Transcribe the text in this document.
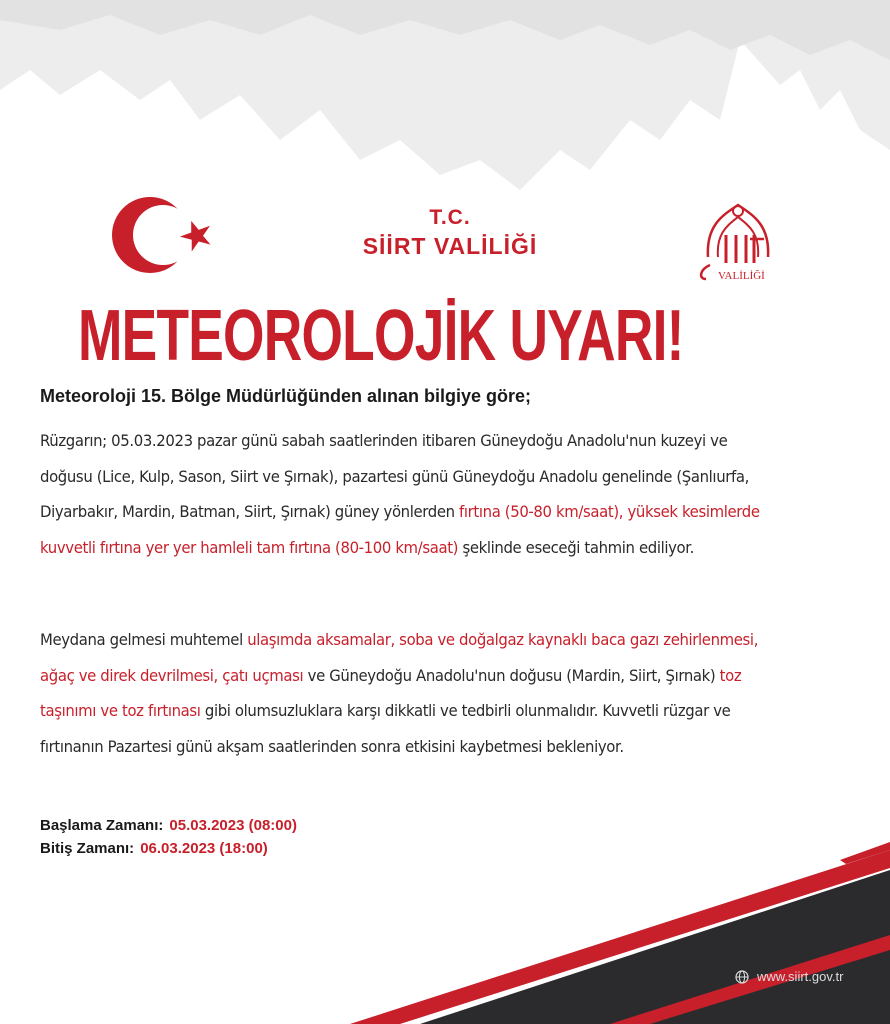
T.C.
SİİRT VALİLİĞİ
VALİLİĞİ
METEOROLOJİK UYARI!
Meteoroloji 15. Bölge Müdürlüğünden alınan bilgiye göre;
Rüzgarın; 05.03.2023 pazar günü sabah saatlerinden itibaren Güneydoğu Anadolu'nun kuzeyi ve doğusu (Lice, Kulp, Sason, Siirt ve Şırnak), pazartesi günü Güneydoğu Anadolu genelinde (Şanlıurfa, Diyarbakır, Mardin, Batman, Siirt, Şırnak) güney yönlerden fırtına (50-80 km/saat), yüksek kesimlerde kuvvetli fırtına yer yer hamleli tam fırtına (80-100 km/saat) şeklinde eseceği tahmin ediliyor.
Meydana gelmesi muhtemel ulaşımda aksamalar, soba ve doğalgaz kaynaklı baca gazı zehirlenmesi, ağaç ve direk devrilmesi, çatı uçması ve Güneydoğu Anadolu'nun doğusu (Mardin, Siirt, Şırnak) toz taşınımı ve toz fırtınası gibi olumsuzluklara karşı dikkatli ve tedbirli olunmalıdır. Kuvvetli rüzgar ve fırtınanın Pazartesi günü akşam saatlerinden sonra etkisini kaybetmesi bekleniyor.
Başlama Zamanı: 05.03.2023 (08:00)
Bitiş Zamanı: 06.03.2023 (18:00)
www.siirt.gov.tr
